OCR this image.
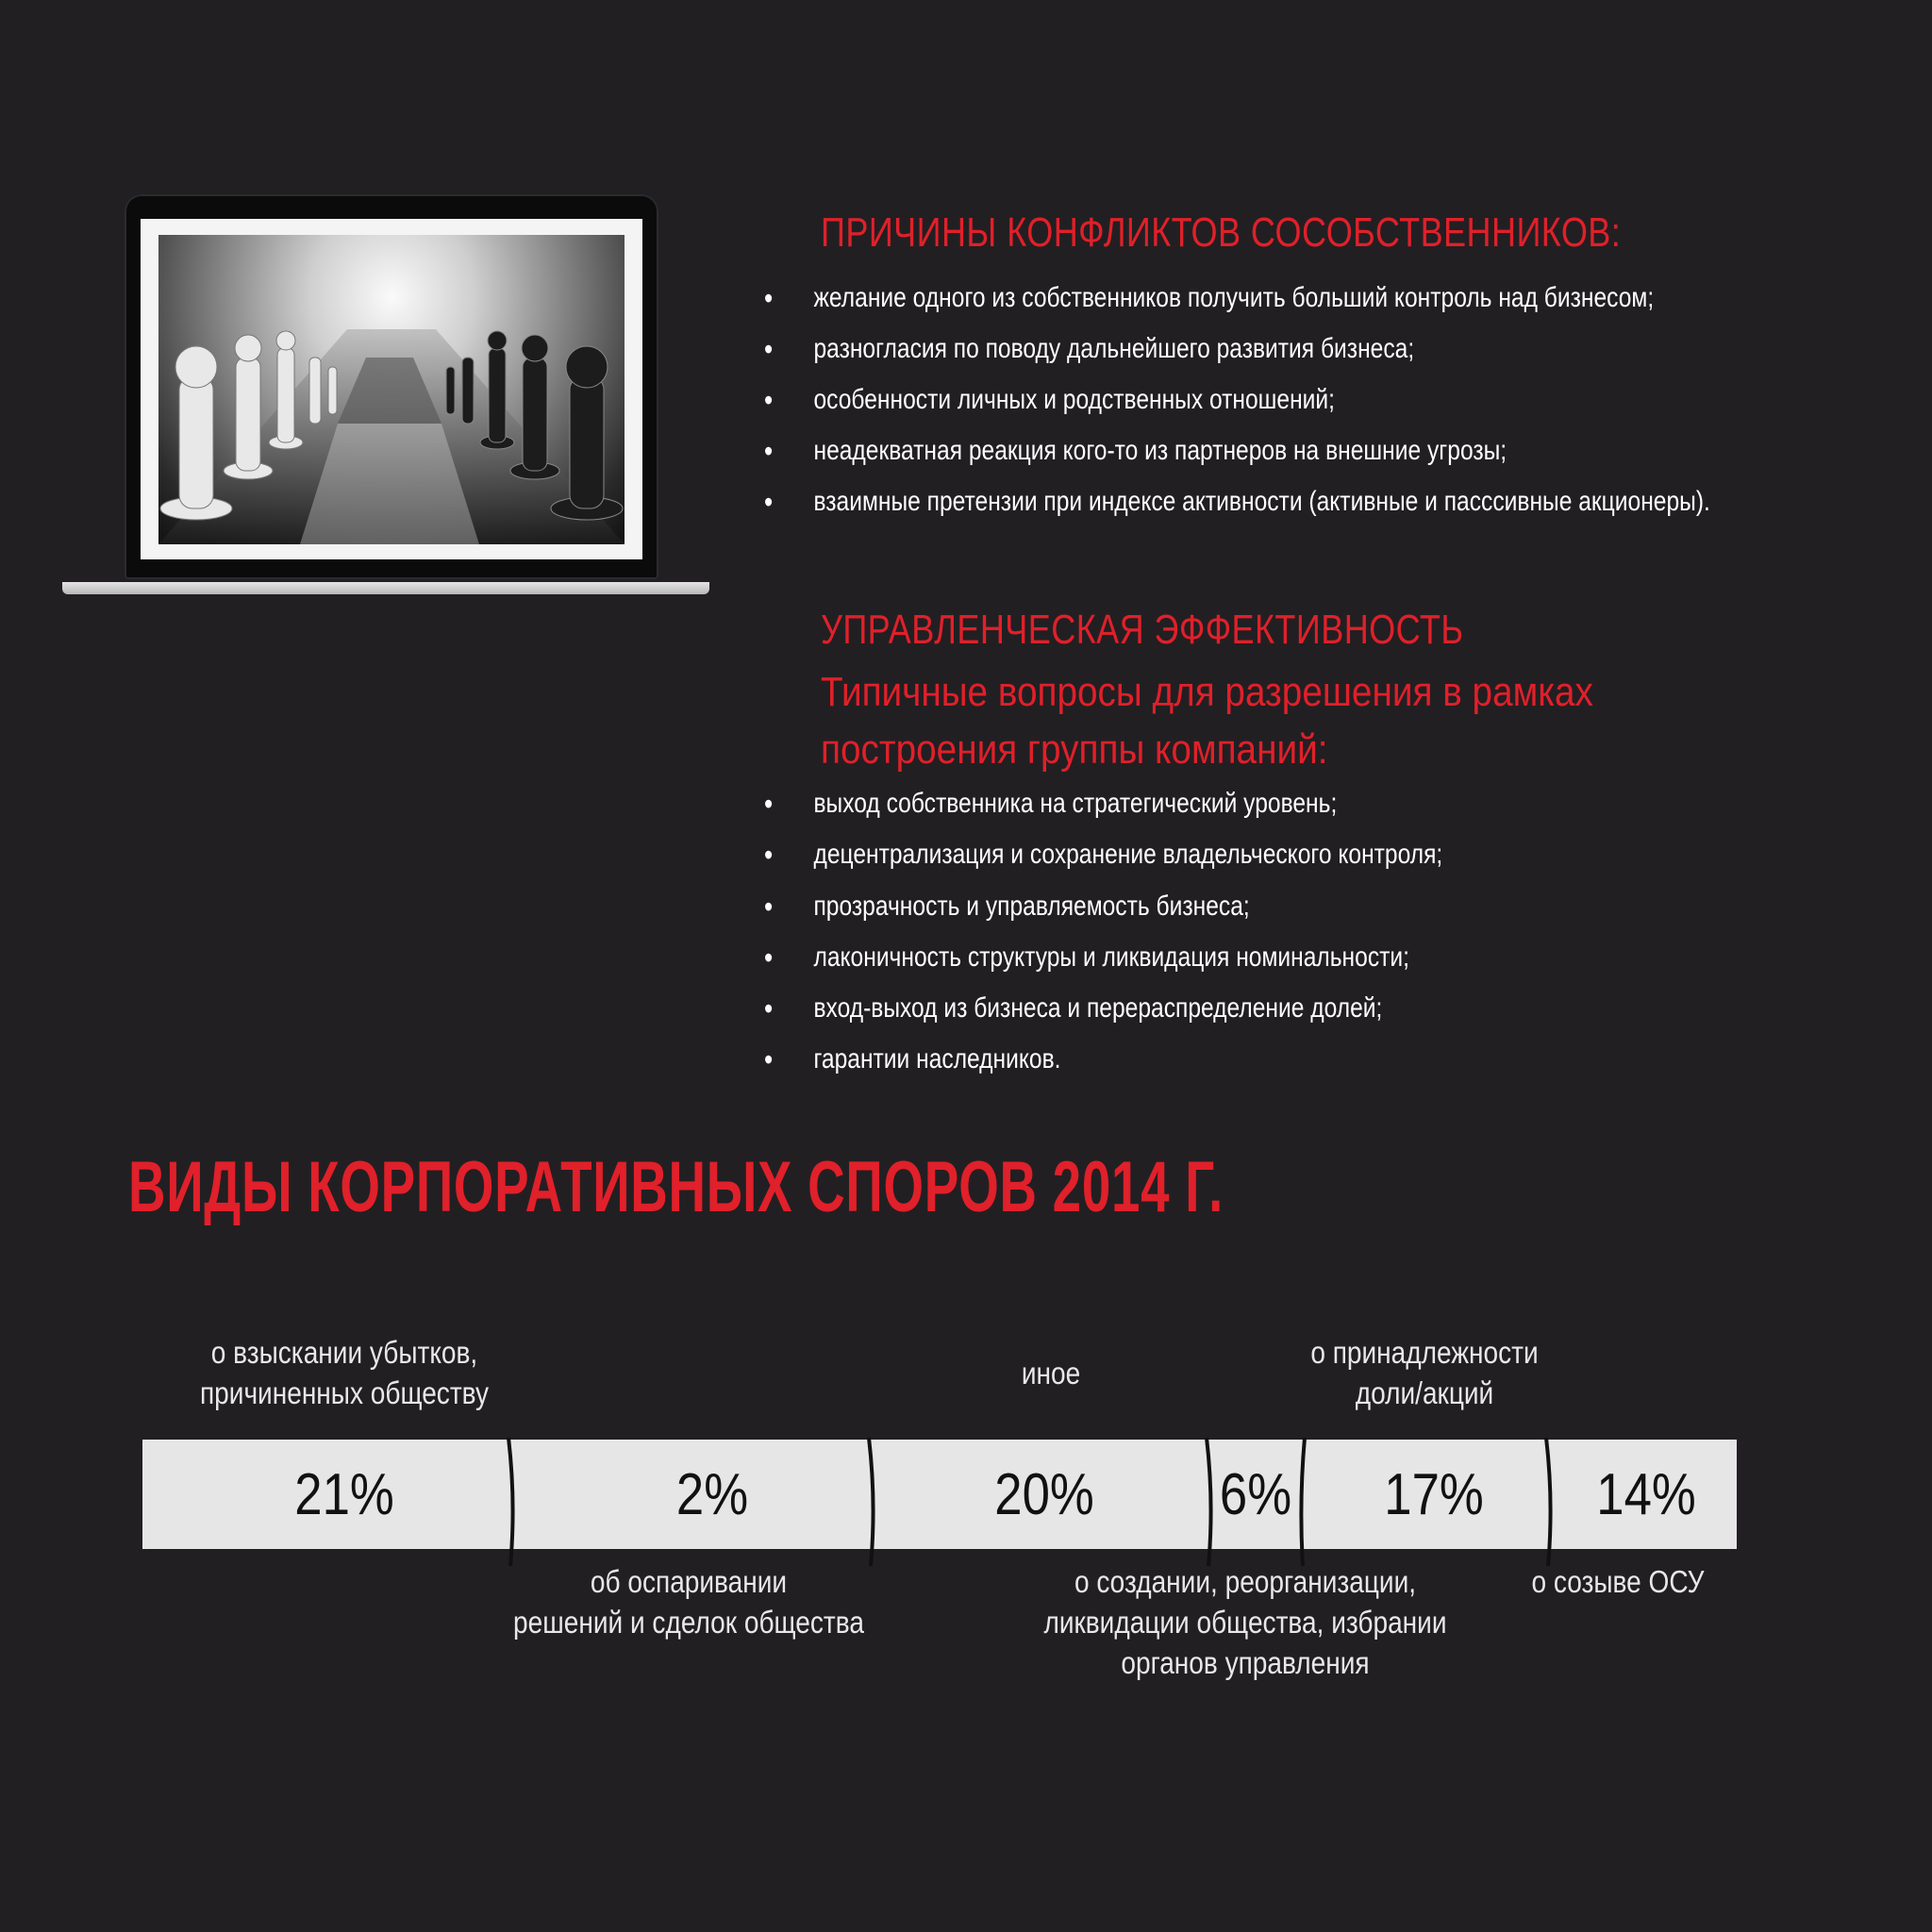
ПРИЧИНЫ КОНФЛИКТОВ СОСОБСТВЕННИКОВ:
• желание одного из собственников получить больший контроль над бизнесом;
• разногласия по поводу дальнейшего развития бизнеса;
• особенности личных и родственных отношений;
• неадекватная реакция кого-то из партнеров на внешние угрозы;
• взаимные претензии при индексе активности (активные и пасссивные акционеры).
УПРАВЛЕНЧЕСКАЯ ЭФФЕКТИВНОСТЬ

Типичные вопросы для разрешения в рамках построения группы компаний:

• выход собственника на стратегический уровень;
• децентрализация и сохранение владельческого контроля;
• прозрачность и управляемость бизнеса;
• лаконичность структуры и ликвидация номинальности;
• вход-выход из бизнеса и перераспределение долей;
• гарантии наследников.
ВИДЫ КОРПОРАТИВНЫХ СПОРОВ 2014 Г.
21%	2%	20%	6%	17%	14%
о взыскании убытков,
причиненных обществу
иное
о принадлежности
доли/акций
об оспаривании
решений и сделок общества
о создании, реорганизации,
ликвидации общества, избрании
органов управления
о созыве ОСУ
